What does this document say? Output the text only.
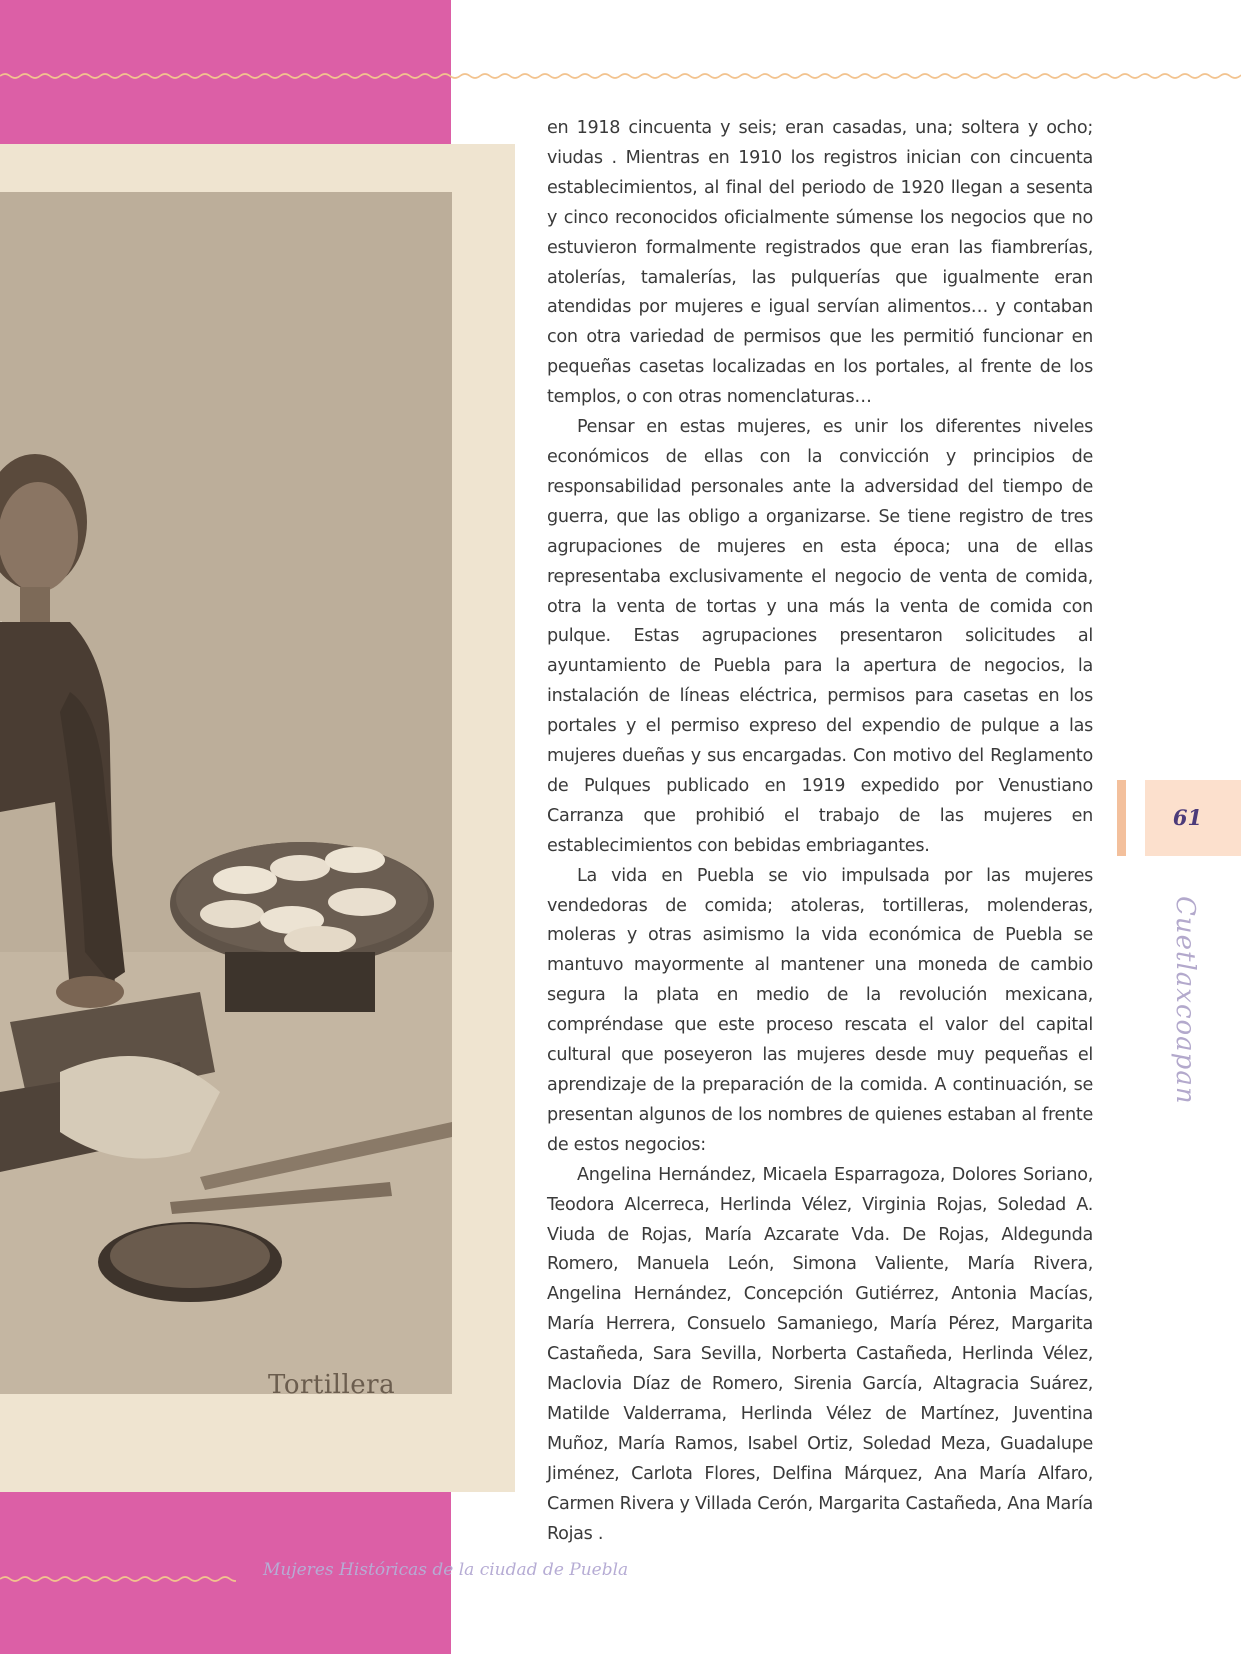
Tortillera

en 1918 cincuenta y seis; eran casadas, una; soltera y ocho; viudas . Mientras en 1910 los registros inician con cincuenta establecimientos, al final del periodo de 1920 llegan a sesenta y cinco reconocidos oficialmente súmense los negocios que no estuvieron formalmente registrados que eran las fiambrerías, atolerías, tamalerías, las pulquerías que igualmente eran atendidas por mujeres e igual servían alimentos… y contaban con otra variedad de permisos que les permitió funcionar en pequeñas casetas localizadas en los portales, al frente de los templos, o con otras nomenclaturas…

Pensar en estas mujeres, es unir los diferentes niveles económicos de ellas con la convicción y principios de responsabilidad personales ante la adversidad del tiempo de guerra, que las obligo a organizarse. Se tiene registro de tres agrupaciones de mujeres en esta época; una de ellas representaba exclusivamente el negocio de venta de comida, otra la venta de tortas y una más la venta de comida con pulque. Estas agrupaciones presentaron solicitudes al ayuntamiento de Puebla para la apertura de negocios, la instalación de líneas eléctrica, permisos para casetas en los portales y el permiso expreso del expendio de pulque a las mujeres dueñas y sus encargadas. Con motivo del Reglamento de Pulques publicado en 1919 expedido por Venustiano Carranza que prohibió el trabajo de las mujeres en establecimientos con bebidas embriagantes.

La vida en Puebla se vio impulsada por las mujeres vendedoras de comida; atoleras, tortilleras, molenderas, moleras y otras asimismo la vida económica de Puebla se mantuvo mayormente al mantener una moneda de cambio segura la plata en medio de la revolución mexicana, compréndase que este proceso rescata el valor del capital cultural que poseyeron las mujeres desde muy pequeñas el aprendizaje de la preparación de la comida. A continuación, se presentan algunos de los nombres de quienes estaban al frente de estos negocios:

Angelina Hernández, Micaela Esparragoza, Dolores Soriano, Teodora Alcerreca, Herlinda Vélez, Virginia Rojas, Soledad A. Viuda de Rojas, María Azcarate Vda. De Rojas, Aldegunda Romero, Manuela León, Simona Valiente, María Rivera, Angelina Hernández, Concepción Gutiérrez, Antonia Macías, María Herrera, Consuelo Samaniego, María Pérez, Margarita Castañeda, Sara Sevilla, Norberta Castañeda, Herlinda Vélez, Maclovia Díaz de Romero, Sirenia García, Altagracia Suárez, Matilde Valderrama, Herlinda Vélez de Martínez, Juventina Muñoz, María Ramos, Isabel Ortiz, Soledad Meza, Guadalupe Jiménez, Carlota Flores, Delfina Márquez, Ana María Alfaro, Carmen Rivera y Villada Cerón, Margarita Castañeda, Ana María Rojas .

61
Cuetlaxcoapan
Mujeres Históricas de la ciudad de Puebla
